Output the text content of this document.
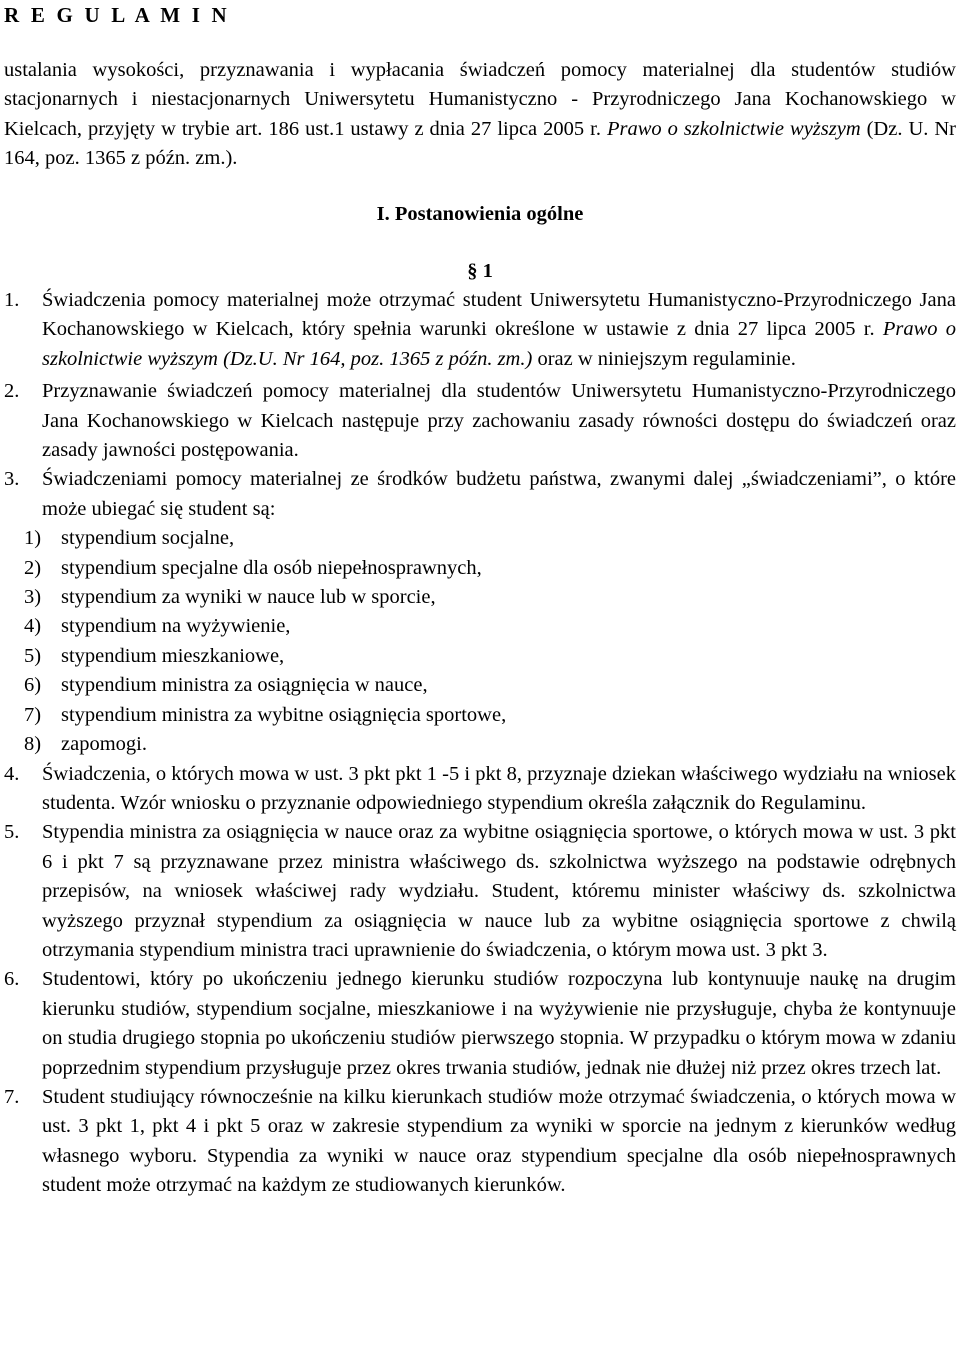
R E G U L A M I N
ustalania wysokości, przyznawania i wypłacania świadczeń pomocy materialnej dla studentów studiów stacjonarnych i niestacjonarnych Uniwersytetu Humanistyczno - Przyrodniczego Jana Kochanowskiego w Kielcach, przyjęty w trybie art. 186 ust.1 ustawy z dnia 27 lipca 2005 r. Prawo o szkolnictwie wyższym (Dz. U. Nr 164, poz. 1365 z późn. zm.).
I. Postanowienia ogólne
§ 1
1. Świadczenia pomocy materialnej może otrzymać student Uniwersytetu Humanistyczno-Przyrodniczego Jana Kochanowskiego w Kielcach, który spełnia warunki określone w ustawie z dnia 27 lipca 2005 r. Prawo o szkolnictwie wyższym (Dz.U. Nr 164, poz. 1365 z późn. zm.) oraz w niniejszym regulaminie.
2. Przyznawanie świadczeń pomocy materialnej dla studentów Uniwersytetu Humanistyczno-Przyrodniczego Jana Kochanowskiego w Kielcach następuje przy zachowaniu zasady równości dostępu do świadczeń oraz zasady jawności postępowania.
3. Świadczeniami pomocy materialnej ze środków budżetu państwa, zwanymi dalej „świadczeniami”, o które może ubiegać się student są:
1) stypendium socjalne,
2) stypendium specjalne dla osób niepełnosprawnych,
3) stypendium za wyniki w nauce lub w sporcie,
4) stypendium na wyżywienie,
5) stypendium mieszkaniowe,
6) stypendium ministra za osiągnięcia w nauce,
7) stypendium ministra za wybitne osiągnięcia sportowe,
8) zapomogi.
4. Świadczenia, o których mowa w ust. 3 pkt pkt 1 -5 i pkt 8, przyznaje dziekan właściwego wydziału na wniosek studenta. Wzór wniosku o przyznanie odpowiedniego stypendium określa załącznik do Regulaminu.
5. Stypendia ministra za osiągnięcia w nauce oraz za wybitne osiągnięcia sportowe, o których mowa w ust. 3 pkt 6 i pkt 7 są przyznawane przez ministra właściwego ds. szkolnictwa wyższego na podstawie odrębnych przepisów, na wniosek właściwej rady wydziału. Student, któremu minister właściwy ds. szkolnictwa wyższego przyznał stypendium za osiągnięcia w nauce lub za wybitne osiągnięcia sportowe z chwilą otrzymania stypendium ministra traci uprawnienie do świadczenia, o którym mowa ust. 3 pkt 3.
6. Studentowi, który po ukończeniu jednego kierunku studiów rozpoczyna lub kontynuuje naukę na drugim kierunku studiów, stypendium socjalne, mieszkaniowe i na wyżywienie nie przysługuje, chyba że kontynuuje on studia drugiego stopnia po ukończeniu studiów pierwszego stopnia. W przypadku o którym mowa w zdaniu poprzednim stypendium przysługuje przez okres trwania studiów, jednak nie dłużej niż przez okres trzech lat.
7. Student studiujący równocześnie na kilku kierunkach studiów może otrzymać świadczenia, o których mowa w ust. 3 pkt 1, pkt 4 i pkt 5 oraz w zakresie stypendium za wyniki w sporcie na jednym z kierunków według własnego wyboru. Stypendia za wyniki w nauce oraz stypendium specjalne dla osób niepełnosprawnych student może otrzymać na każdym ze studiowanych kierunków.
